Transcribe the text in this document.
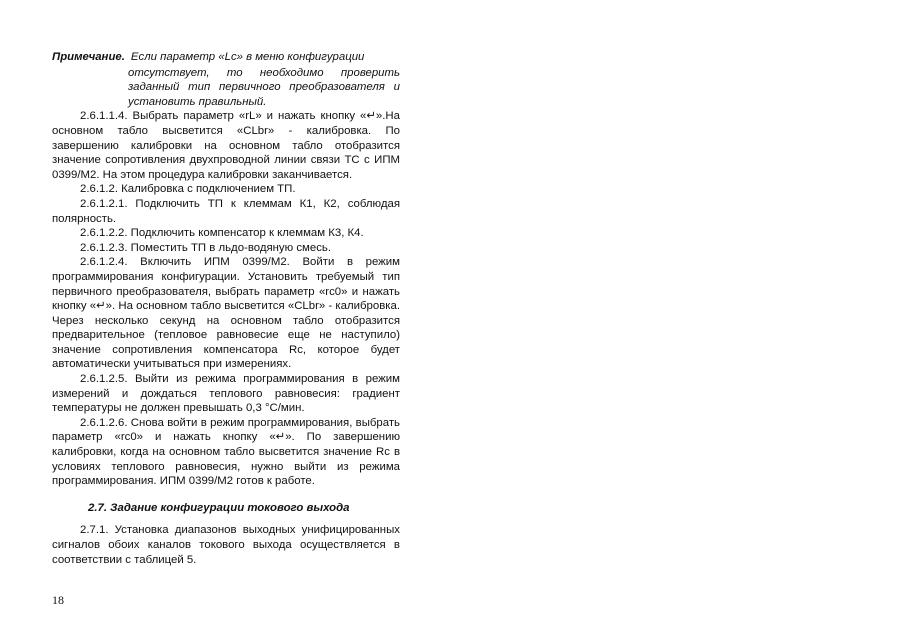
Примечание. Если параметр «Lc» в меню конфигурации
отсутствует, то необходимо проверить заданный тип первичного преобразователя и установить правильный.

2.6.1.1.4. Выбрать параметр «rL» и нажать кнопку «↵».На основном табло высветится «CLbr» - калибровка. По завершению калибровки на основном табло отобразится значение сопротивления двухпроводной линии связи ТС с ИПМ 0399/М2. На этом процедура калибровки заканчивается.

2.6.1.2. Калибровка с подключением ТП.

2.6.1.2.1. Подключить ТП к клеммам К1, К2, соблюдая полярность.

2.6.1.2.2. Подключить компенсатор к клеммам К3, К4.

2.6.1.2.3. Поместить ТП в льдо-водяную смесь.

2.6.1.2.4. Включить ИПМ 0399/М2. Войти в режим программирования конфигурации. Установить требуемый тип первичного преобразователя, выбрать параметр «rc0» и нажать кнопку «↵». На основном табло высветится «CLbr» - калибровка. Через несколько секунд на основном табло отобразится предварительное (тепловое равновесие еще не наступило) значение сопротивления компенсатора Rc, которое будет автоматически учитываться при измерениях.

2.6.1.2.5. Выйти из режима программирования в режим измерений и дождаться теплового равновесия: градиент температуры не должен превышать 0,3 °С/мин.

2.6.1.2.6. Снова войти в режим программирования, выбрать параметр «rc0» и нажать кнопку «↵». По завершению калибровки, когда на основном табло высветится значение Rc в условиях теплового равновесия, нужно выйти из режима программирования. ИПМ 0399/М2 готов к работе.

2.7. Задание конфигурации токового выхода

2.7.1. Установка диапазонов выходных унифицированных сигналов обоих каналов токового выхода осуществляется в соответствии с таблицей 5.

18
